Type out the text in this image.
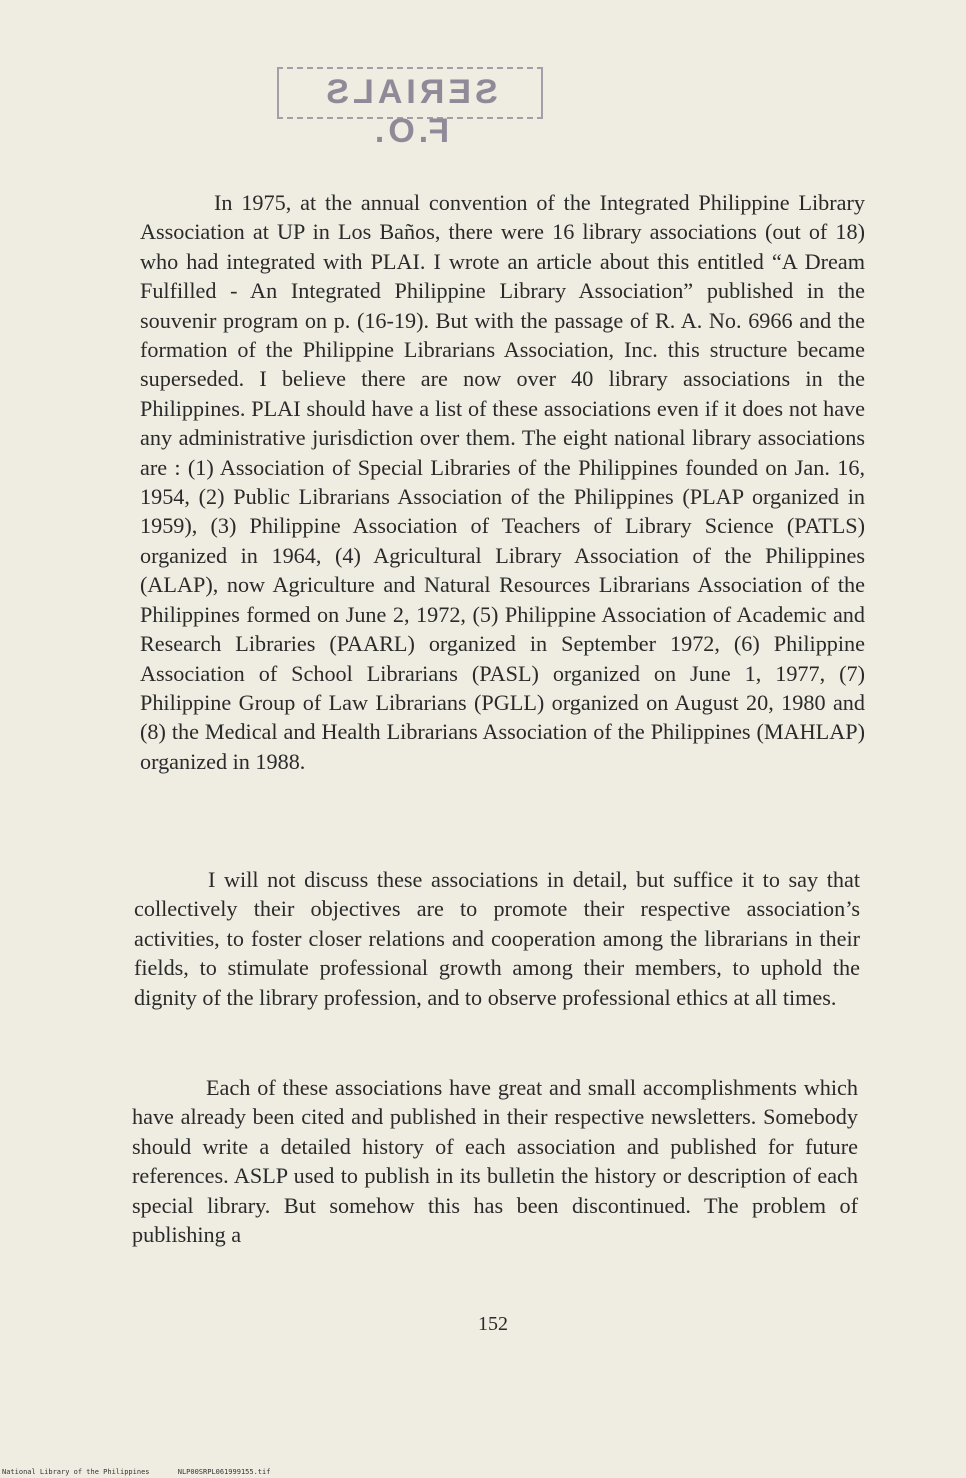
SERIALS F.O.

In 1975, at the annual convention of the Integrated Philippine Library Association at UP in Los Baños, there were 16 library associations (out of 18) who had integrated with PLAI. I wrote an article about this entitled “A Dream Fulfilled - An Integrated Philippine Library Association” published in the souvenir program on p. (16-19). But with the passage of R. A. No. 6966 and the formation of the Philippine Librarians Association, Inc. this structure became superseded. I believe there are now over 40 library associations in the Philippines. PLAI should have a list of these associations even if it does not have any administrative jurisdiction over them. The eight national library associations are : (1) Association of Special Libraries of the Philippines founded on Jan. 16, 1954, (2) Public Librarians Association of the Philippines (PLAP organized in 1959), (3) Philippine Association of Teachers of Library Science (PATLS) organized in 1964, (4) Agricultural Library Association of the Philippines (ALAP), now Agriculture and Natural Resources Librarians Association of the Philippines formed on June 2, 1972, (5) Philippine Association of Academic and Research Libraries (PAARL) organized in September 1972, (6) Philippine Association of School Librarians (PASL) organized on June 1, 1977, (7) Philippine Group of Law Librarians (PGLL) organized on August 20, 1980 and (8) the Medical and Health Librarians Association of the Philippines (MAHLAP) organized in 1988.

I will not discuss these associations in detail, but suffice it to say that collectively their objectives are to promote their respective association’s activities, to foster closer relations and cooperation among the librarians in their fields, to stimulate professional growth among their members, to uphold the dignity of the library profession, and to observe professional ethics at all times.

Each of these associations have great and small accomplishments which have already been cited and published in their respective newsletters. Somebody should write a detailed history of each association and published for future references. ASLP used to publish in its bulletin the history or description of each special library. But somehow this has been discontinued. The problem of publishing a

152
National Library of the Philippines	NLP00SRPL061999155.tif
